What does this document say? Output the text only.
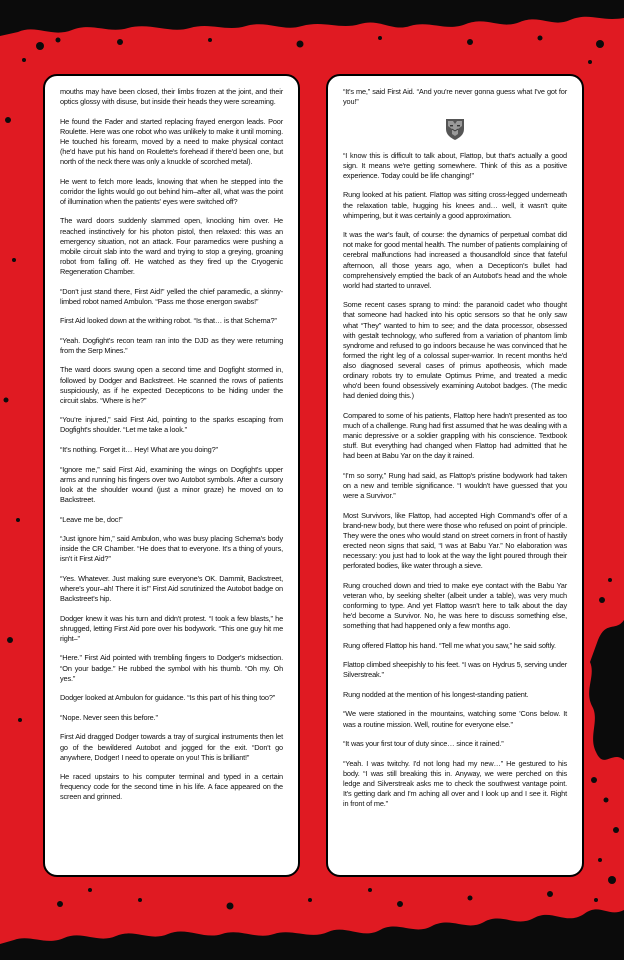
mouths may have been closed, their limbs frozen at the joint, and their optics glossy with disuse, but inside their heads they were screaming.

He found the Fader and started replacing frayed energon leads. Poor Roulette. Here was one robot who was unlikely to make it until morning. He touched his forearm, moved by a need to make physical contact (he'd have put his hand on Roulette's forehead if there'd been one, but north of the neck there was only a knuckle of scorched metal).

He went to fetch more leads, knowing that when he stepped into the corridor the lights would go out behind him–after all, what was the point of illumination when the patients' eyes were switched off?

The ward doors suddenly slammed open, knocking him over. He reached instinctively for his photon pistol, then relaxed: this was an emergency situation, not an attack. Four paramedics were pushing a mobile circuit slab into the ward and trying to stop a greying, groaning robot from falling off. He watched as they fired up the Cryogenic Regeneration Chamber.

“Don't just stand there, First Aid!” yelled the chief paramedic, a skinny-limbed robot named Ambulon. “Pass me those energon swabs!”

First Aid looked down at the writhing robot. “Is that… is that Schema?”

“Yeah. Dogfight's recon team ran into the DJD as they were returning from the Serp Mines.”

The ward doors swung open a second time and Dogfight stormed in, followed by Dodger and Backstreet. He scanned the rows of patients suspiciously, as if he expected Decepticons to be hiding under the circuit slabs. “Where is he?”

“You're injured,” said First Aid, pointing to the sparks escaping from Dogfight's shoulder. “Let me take a look.”

“It's nothing. Forget it… Hey! What are you doing?”

“Ignore me,” said First Aid, examining the wings on Dogfight's upper arms and running his fingers over two Autobot symbols. After a cursory look at the shoulder wound (just a minor graze) he moved on to Backstreet.

“Leave me be, doc!”

“Just ignore him,” said Ambulon, who was busy placing Schema's body inside the CR Chamber. “He does that to everyone. It's a thing of yours, isn't it First Aid?”

“Yes. Whatever. Just making sure everyone's OK. Dammit, Backstreet, where's your–ah! There it is!” First Aid scrutinized the Autobot badge on Backstreet's hip.

Dodger knew it was his turn and didn't protest. “I took a few blasts,” he shrugged, letting First Aid pore over his bodywork. “This one guy hit me right–”

“Here.” First Aid pointed with trembling fingers to Dodger's midsection. “On your badge.” He rubbed the symbol with his thumb. “Oh my. Oh yes.”

Dodger looked at Ambulon for guidance. “Is this part of his thing too?”

“Nope. Never seen this before.”

First Aid dragged Dodger towards a tray of surgical instruments then let go of the bewildered Autobot and jogged for the exit. “Don't go anywhere, Dodger! I need to operate on you! This is brilliant!”

He raced upstairs to his computer terminal and typed in a certain frequency code for the second time in his life. A face appeared on the screen and grinned.

“It's me,” said First Aid. “And you're never gonna guess what I've got for you!”

“I know this is difficult to talk about, Flattop, but that's actually a good sign. It means we're getting somewhere. Think of this as a positive experience. Today could be life changing!”

Rung looked at his patient. Flattop was sitting cross-legged underneath the relaxation table, hugging his knees and… well, it wasn't quite whimpering, but it was certainly a good approximation.

It was the war's fault, of course: the dynamics of perpetual combat did not make for good mental health. The number of patients complaining of cerebral malfunctions had increased a thousandfold since that fateful afternoon, all those years ago, when a Decepticon's bullet had comprehensively emptied the back of an Autobot's head and the whole world had started to unravel.

Some recent cases sprang to mind: the paranoid cadet who thought that someone had hacked into his optic sensors so that he only saw what “They” wanted to him to see; and the data processor, obsessed with gestalt technology, who suffered from a variation of phantom limb syndrome and refused to go indoors because he was convinced that he formed the right leg of a colossal super-warrior. In recent months he'd also diagnosed several cases of primus apotheosis, which made ordinary robots try to emulate Optimus Prime, and treated a medic who'd been found obsessively examining Autobot badges. (The medic had denied doing this.)

Compared to some of his patients, Flattop here hadn't presented as too much of a challenge. Rung had first assumed that he was dealing with a manic depressive or a soldier grappling with his conscience. Textbook stuff. But everything had changed when Flattop had admitted that he had been at Babu Yar on the day it rained.

“I'm so sorry,” Rung had said, as Flattop's pristine bodywork had taken on a new and terrible significance. “I wouldn't have guessed that you were a Survivor.”

Most Survivors, like Flattop, had accepted High Command's offer of a brand-new body, but there were those who refused on point of principle. They were the ones who would stand on street corners in front of hastily erected neon signs that said, “I was at Babu Yar.” No elaboration was necessary: you just had to look at the way the light poured through their perforated bodies, like water through a sieve.

Rung crouched down and tried to make eye contact with the Babu Yar veteran who, by seeking shelter (albeit under a table), was very much conforming to type. And yet Flattop wasn't here to talk about the day he'd become a Survivor. No, he was here to discuss something else, something that had happened only a few months ago.

Rung offered Flattop his hand. “Tell me what you saw,” he said softly.

Flattop climbed sheepishly to his feet. “I was on Hydrus 5, serving under Silverstreak.”

Rung nodded at the mention of his longest-standing patient.

“We were stationed in the mountains, watching some 'Cons below. It was a routine mission. Well, routine for everyone else.”

“It was your first tour of duty since… since it rained.”

“Yeah. I was twitchy. I'd not long had my new…” He gestured to his body. “I was still breaking this in. Anyway, we were perched on this ledge and Silverstreak asks me to check the southwest vantage point. It's getting dark and I'm aching all over and I look up and I see it. Right in front of me.”
